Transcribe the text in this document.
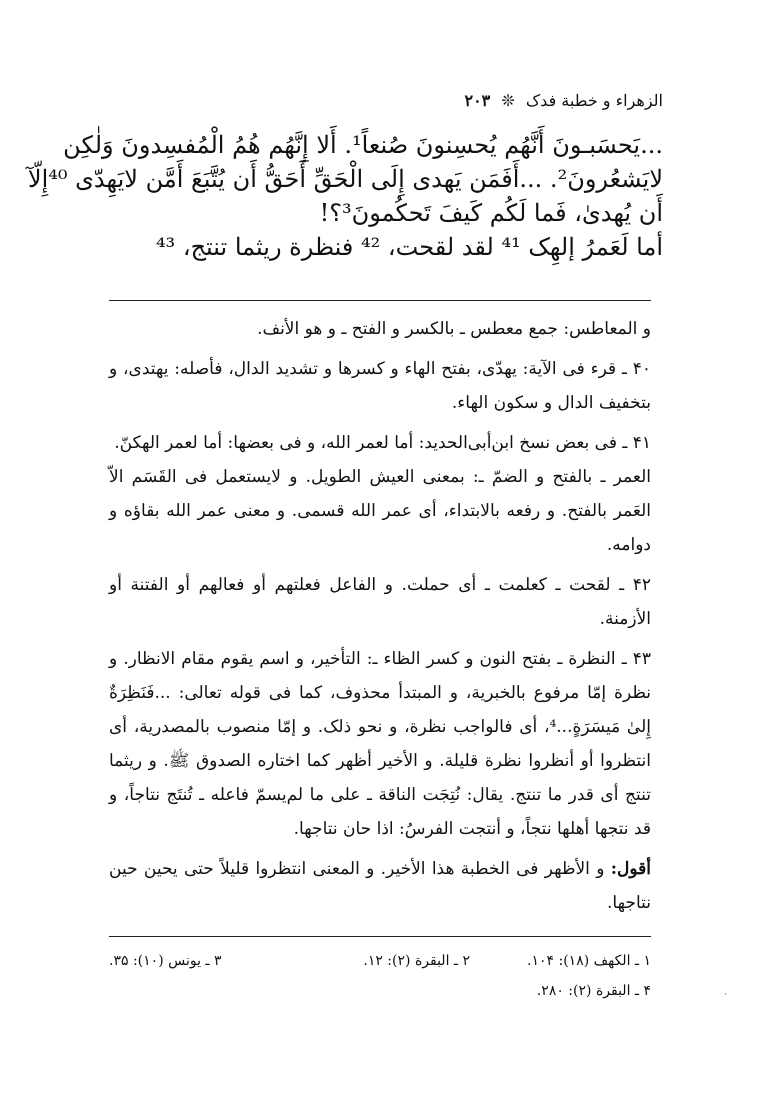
الزهراء و خطبة فدک ❊ ۲۰۳
...يَحسَبـونَ أَنَّهُم يُحسِنونَ صُنعاً¹. أَلا إِنَّهُم هُمُ الْمُفسِدونَ وَلٰكِن
لايَشعُرونَ². ...أَفَمَن يَهدى إِلَى الْحَقِّ أَحَقُّ أَن يُتَّبَعَ أَمَّن لايَهِدّى ⁴⁰إِلّآ
أَن يُهدىٰ، فَما لَكُم كَيفَ تَحكُمونَ³؟!
أما لَعَمرُ إلهِک ⁴¹ لقد لقحت، ⁴² فنظرة ريثما تنتج، ⁴³

و المعاطس: جمع معطس ـ بالكسر و الفتح ـ و هو الأنف.

۴۰ ـ قرء فى الآية: يهدّى، بفتح الهاء و كسرها و تشديد الدال، فأصله: يهتدى، و بتخفيف الدال و سكون الهاء.

۴۱ ـ فى بعض نسخ ابن‌أبى‌الحديد: أما لعمر الله، و فى بعضها: أما لعمر الهكنّ.

العمر ـ بالفتح و الضمّ ـ: بمعنى العيش الطويل. و لايستعمل فى القَسَم الاّ العَمر بالفتح. و رفعه بالابتداء، أى عمر الله قسمى. و معنى عمر الله بقاؤه و دوامه.

۴۲ ـ لقحت ـ كعلمت ـ أى حملت. و الفاعل فعلتهم أو فعالهم أو الفتنة أو الأزمنة.

۴۳ ـ النظرة ـ بفتح النون و كسر الظاء ـ: التأخير، و اسم يقوم مقام الانظار. و نظرة إمّا مرفوع بالخبرية، و المبتدأ محذوف، كما فى قوله تعالى: ...فَنَظِرَةٌ إِلىٰ مَيسَرَةٍ...⁴، أى فالواجب نظرة، و نحو ذلک. و إمّا منصوب بالمصدرية، أى انتظروا أو أنظروا نظرة قليلة. و الأخير أظهر كما اختاره الصدوق ﷺ. و ريثما تنتج أى قدر ما تنتج. يقال: نُتِجَت الناقة ـ على ما لم‌يسمّ فاعله ـ تُنتَج نتاجاً، و قد نتجها أهلها نتجاً، و أنتجت الفرسُ: اذا حان نتاجها.

أقول: و الأظهر فى الخطبة هذا الأخير. و المعنى انتظروا قليلاً حتى يحين حين نتاجها.

۱ ـ الكهف (۱۸): ۱۰۴.
۲ ـ البقرة (۲): ۱۲.
۳ ـ يونس (۱۰): ۳۵.
۴ ـ البقرة (۲): ۲۸۰.	·
